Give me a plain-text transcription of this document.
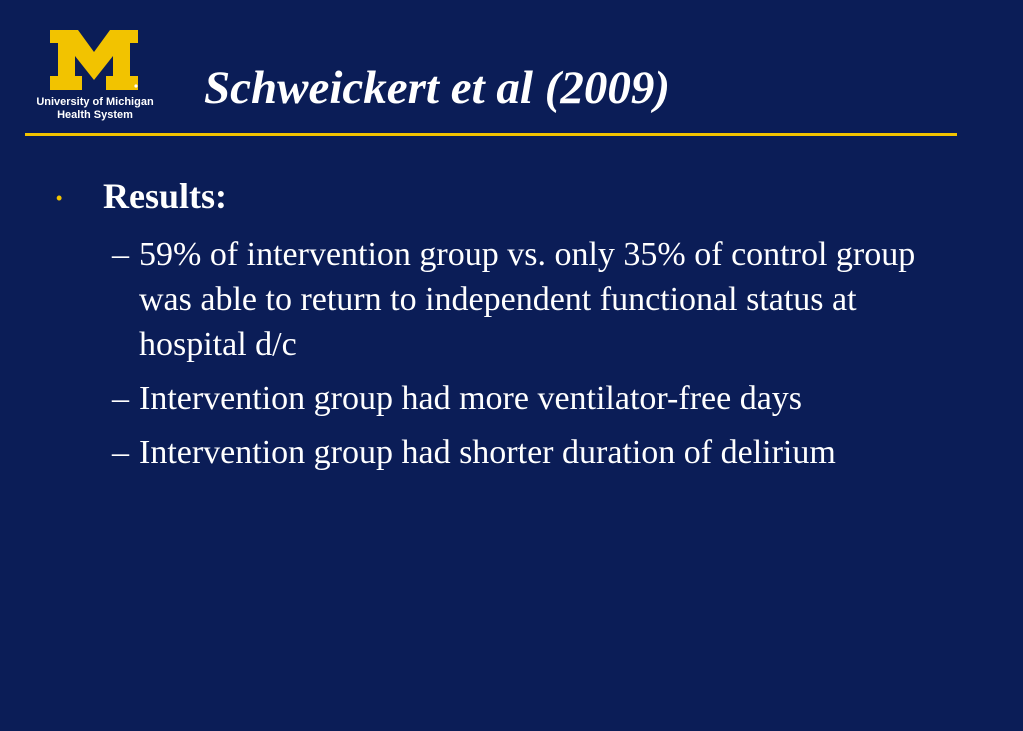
University of Michigan
Health System
Schweickert et al (2009)
• Results:
– 59% of intervention group vs. only 35% of control group was able to return to independent functional status at hospital d/c
– Intervention group had more ventilator-free days
– Intervention group had shorter duration of delirium
